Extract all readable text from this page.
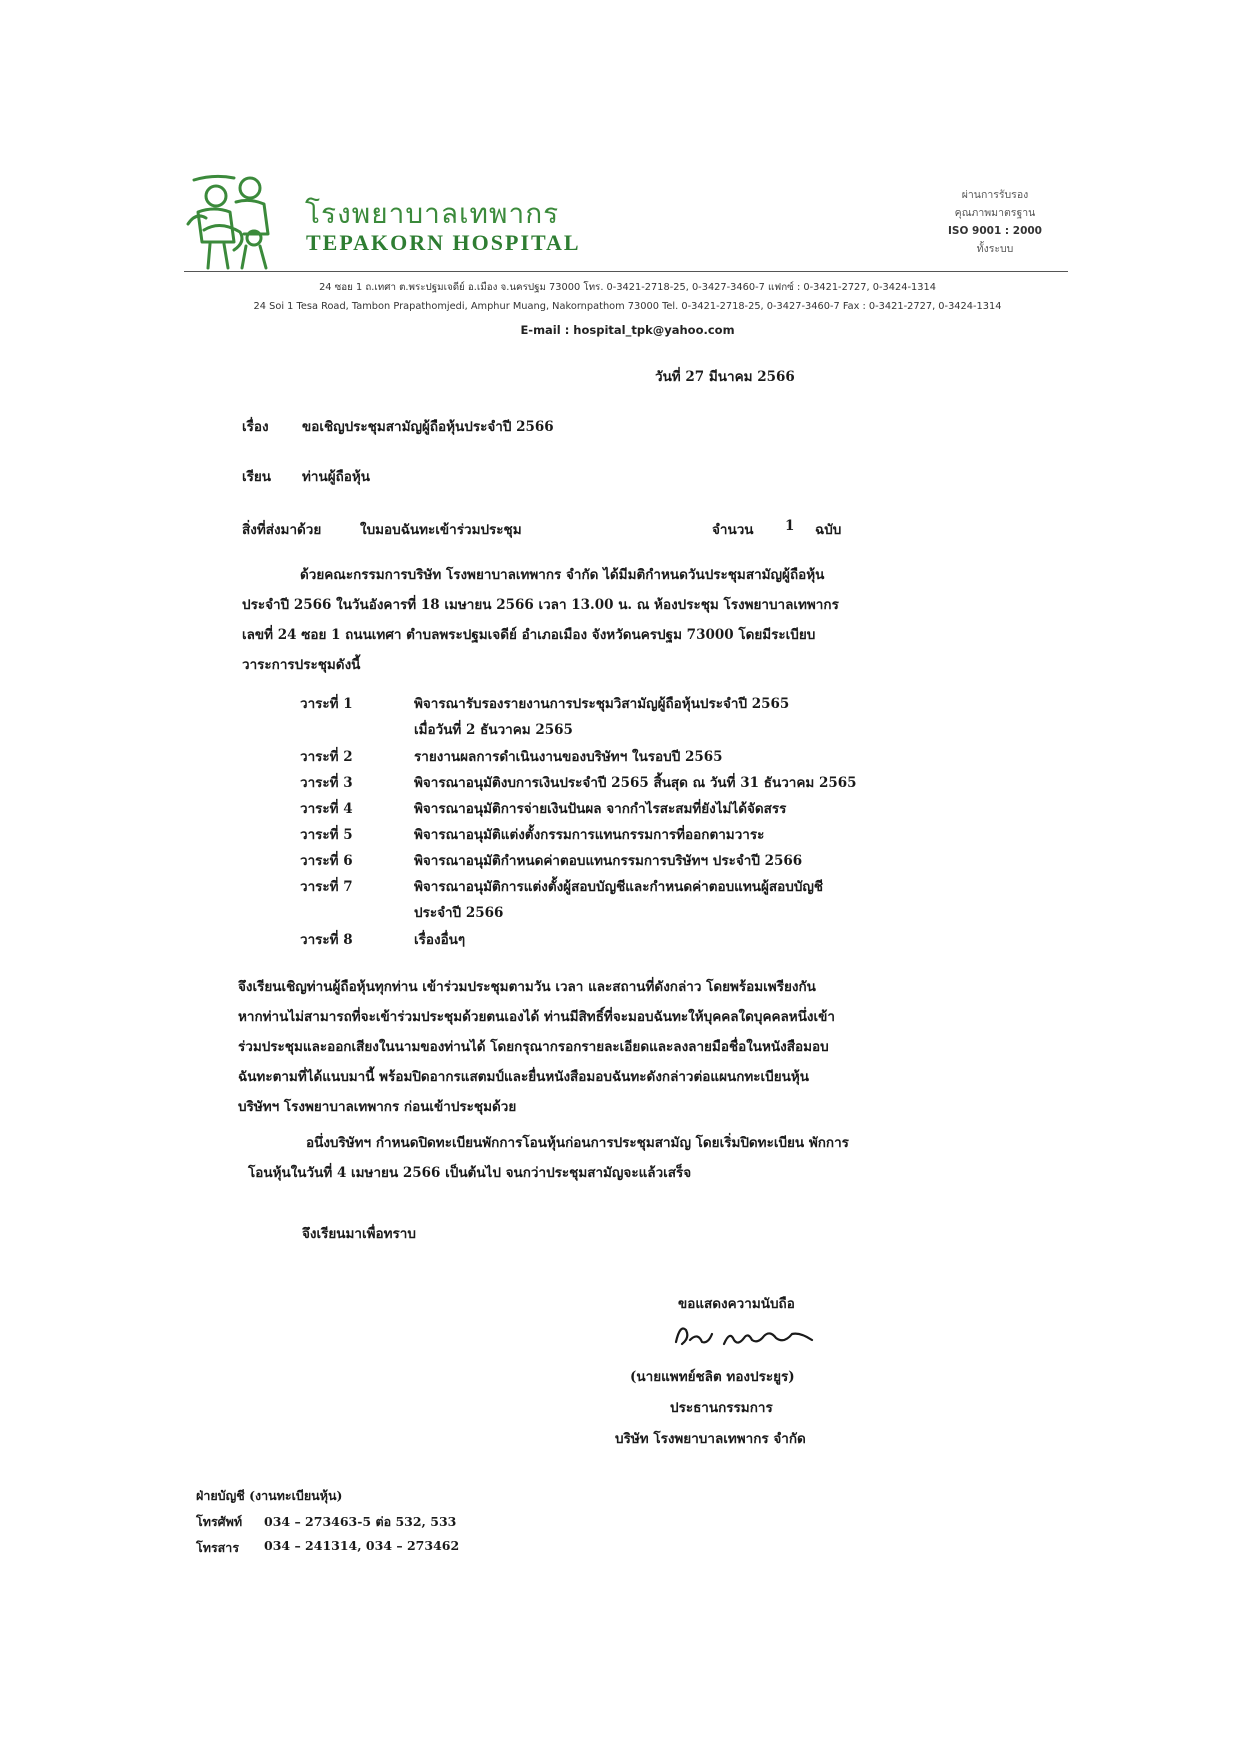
โรงพยาบาลเทพากร
TEPAKORN HOSPITAL
ผ่านการรับรอง
คุณภาพมาตรฐาน
ISO 9001 : 2000
ทั้งระบบ
24 ซอย 1 ถ.เทศา ต.พระปฐมเจดีย์ อ.เมือง จ.นครปฐม 73000 โทร. 0-3421-2718-25, 0-3427-3460-7 แฟกซ์ : 0-3421-2727, 0-3424-1314
24 Soi 1 Tesa Road, Tambon Prapathomjedi, Amphur Muang, Nakornpathom 73000 Tel. 0-3421-2718-25, 0-3427-3460-7 Fax : 0-3421-2727, 0-3424-1314
E-mail : hospital_tpk@yahoo.com
วันที่ 27 มีนาคม 2566
เรื่อง ขอเชิญประชุมสามัญผู้ถือหุ้นประจำปี 2566
เรียน ท่านผู้ถือหุ้น
สิ่งที่ส่งมาด้วย	ใบมอบฉันทะเข้าร่วมประชุม	จำนวน 1 ฉบับ

ด้วยคณะกรรมการบริษัท โรงพยาบาลเทพากร จำกัด ได้มีมติกำหนดวันประชุมสามัญผู้ถือหุ้น

ประจำปี 2566 ในวันอังคารที่ 18 เมษายน 2566 เวลา 13.00 น. ณ ห้องประชุม โรงพยาบาลเทพากร

เลขที่ 24 ซอย 1 ถนนเทศา ตำบลพระปฐมเจดีย์ อำเภอเมือง จังหวัดนครปฐม 73000 โดยมีระเบียบ

วาระการประชุมดังนี้

วาระที่ 1	พิจารณารับรองรายงานการประชุมวิสามัญผู้ถือหุ้นประจำปี 2565
เมื่อวันที่ 2 ธันวาคม 2565
วาระที่ 2	รายงานผลการดำเนินงานของบริษัทฯ ในรอบปี 2565
วาระที่ 3	พิจารณาอนุมัติงบการเงินประจำปี 2565 สิ้นสุด ณ วันที่ 31 ธันวาคม 2565
วาระที่ 4	พิจารณาอนุมัติการจ่ายเงินปันผล จากกำไรสะสมที่ยังไม่ได้จัดสรร
วาระที่ 5	พิจารณาอนุมัติแต่งตั้งกรรมการแทนกรรมการที่ออกตามวาระ
วาระที่ 6	พิจารณาอนุมัติกำหนดค่าตอบแทนกรรมการบริษัทฯ ประจำปี 2566
วาระที่ 7	พิจารณาอนุมัติการแต่งตั้งผู้สอบบัญชีและกำหนดค่าตอบแทนผู้สอบบัญชี
ประจำปี 2566
วาระที่ 8	เรื่องอื่นๆ

จึงเรียนเชิญท่านผู้ถือหุ้นทุกท่าน เข้าร่วมประชุมตามวัน เวลา และสถานที่ดังกล่าว โดยพร้อมเพรียงกัน

หากท่านไม่สามารถที่จะเข้าร่วมประชุมด้วยตนเองได้ ท่านมีสิทธิ์ที่จะมอบฉันทะให้บุคคลใดบุคคลหนึ่งเข้า

ร่วมประชุมและออกเสียงในนามของท่านได้ โดยกรุณากรอกรายละเอียดและลงลายมือชื่อในหนังสือมอบ

ฉันทะตามที่ได้แนบมานี้ พร้อมปิดอากรแสตมป์และยื่นหนังสือมอบฉันทะดังกล่าวต่อแผนกทะเบียนหุ้น

บริษัทฯ โรงพยาบาลเทพากร ก่อนเข้าประชุมด้วย

อนึ่งบริษัทฯ กำหนดปิดทะเบียนพักการโอนหุ้นก่อนการประชุมสามัญ โดยเริ่มปิดทะเบียน พักการ

โอนหุ้นในวันที่ 4 เมษายน 2566 เป็นต้นไป จนกว่าประชุมสามัญจะแล้วเสร็จ

จึงเรียนมาเพื่อทราบ
ขอแสดงความนับถือ
(นายแพทย์ชลิต ทองประยูร)
ประธานกรรมการ
บริษัท โรงพยาบาลเทพากร จำกัด
ฝ่ายบัญชี (งานทะเบียนหุ้น)
โทรศัพท์ 034 – 273463-5 ต่อ 532, 533
โทรสาร 034 – 241314, 034 – 273462
